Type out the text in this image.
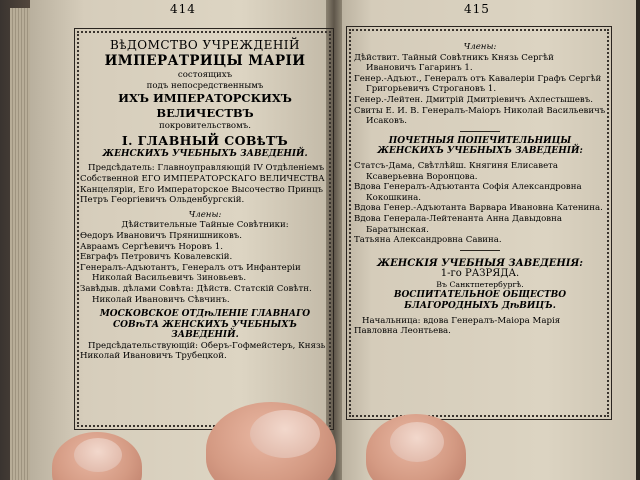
414	415
ВѣДОМСТВО УЧРЕЖДЕНІЙ
ИМПЕРАТРИЦЫ МАРІИ
состоящихъ
подъ непосредственнымъ
ИХЪ ИМПЕРАТОРСКИХЪ ВЕЛИЧЕСТВЪ
покровительствомъ.
I. ГЛАВНЫЙ СОВѣТЪ
ЖЕНСКИХЪ УЧЕБНЫХЪ ЗАВЕДЕНІЙ.
Предсѣдатель: Главноуправляющій IV Отдѣленіемъ Собственной ЕГО ИМПЕРАТОРСКАГО ВЕЛИЧЕСТВА Канцеляріи, Его Императорское Высочество Принцъ Петръ Георгіевичъ Ольденбургскій.
Члены:
Дѣйствительные Тайные Совѣтники:
Ѳедоръ Ивановичъ Прянишниковъ.
Авраамъ Сергѣевичъ Норовъ 1.
Евграфъ Петровичъ Ковалевскій.
Генералъ-Адъютантъ, Генералъ отъ Инфантеріи Николай Васильевичъ Зиновьевъ.
Завѣдыв. дѣлами Совѣта: Дѣйств. Статскій Совѣтн. Николай Ивановичъ Сѣвчинъ.
МОСКОВСКОЕ ОТДѣЛЕНІЕ ГЛАВНАГО СОВѣТА ЖЕНСКИХЪ УЧЕБНЫХЪ ЗАВЕДЕНІЙ.
Предсѣдательствующій: Оберъ-Гофмейстеръ, Князь Николай Ивановичъ Трубецкой.
Члены:
Дѣйствит. Тайный Совѣтникъ Князь Сергѣй Ивановичъ Гагаринъ 1.
Генер.-Адъют., Генералъ отъ Кавалеріи Графъ Сергѣй Григорьевичъ Строгановъ 1.
Генер.-Лейтен. Дмитрій Дмитріевичъ Ахлестышевъ.
Свиты Е. И. В. Генералъ-Маіоръ Николай Васильевичъ Исаковъ.
ПОЧЕТНЫЯ ПОПЕЧИТЕЛЬНИЦЫ ЖЕНСКИХЪ УЧЕБНЫХЪ ЗАВЕДЕНІЙ:
Статсъ-Дама, Свѣтлѣйш. Княгиня Елисавета Ксаверьевна Воронцова.
Вдова Генералъ-Адъютанта Софія Александровна Кокошкина.
Вдова Генер.-Адъютанта Варвара Ивановна Катенина.
Вдова Генерала-Лейтенанта Анна Давыдовна Баратынская.
Татьяна Александровна Савина.
ЖЕНСКІЯ УЧЕБНЫЯ ЗАВЕДЕНІЯ:
1-го РАЗРЯДА.
Въ Санктпетербургѣ.
ВОСПИТАТЕЛЬНОЕ ОБЩЕСТВО БЛАГОРОДНЫХЪ ДѣВИЦЪ.
Начальница: вдова Генералъ-Маіора Марія Павловна Леонтьева.
